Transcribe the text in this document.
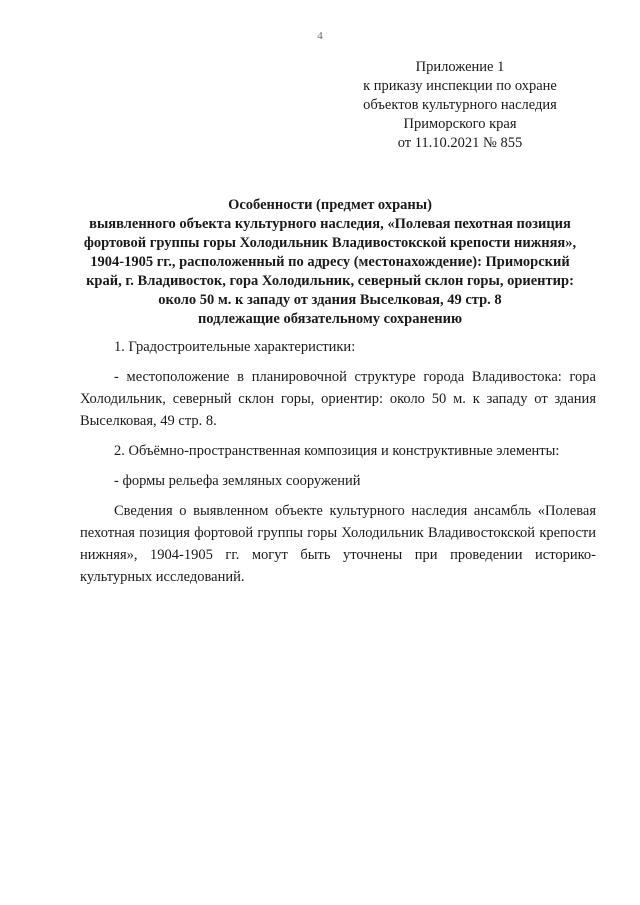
4
Приложение 1
к приказу инспекции по охране
объектов культурного наследия
Приморского края
от 11.10.2021 № 855
Особенности (предмет охраны)
выявленного объекта культурного наследия, «Полевая пехотная позиция
фортовой группы горы Холодильник Владивостокской крепости нижняя»,
1904-1905 гг., расположенный по адресу (местонахождение): Приморский
край, г. Владивосток, гора Холодильник, северный склон горы, ориентир:
около 50 м. к западу от здания Выселковая, 49 стр. 8
подлежащие обязательному сохранению

1. Градостроительные характеристики:

- местоположение в планировочной структуре города Владивостока: гора Холодильник, северный склон горы, ориентир: около 50 м. к западу от здания Выселковая, 49 стр. 8.

2. Объёмно-пространственная композиция и конструктивные элементы:

- формы рельефа земляных сооружений

Сведения о выявленном объекте культурного наследия ансамбль «Полевая пехотная позиция фортовой группы горы Холодильник Владивостокской крепости нижняя», 1904-1905 гг. могут быть уточнены при проведении историко-культурных исследований.
